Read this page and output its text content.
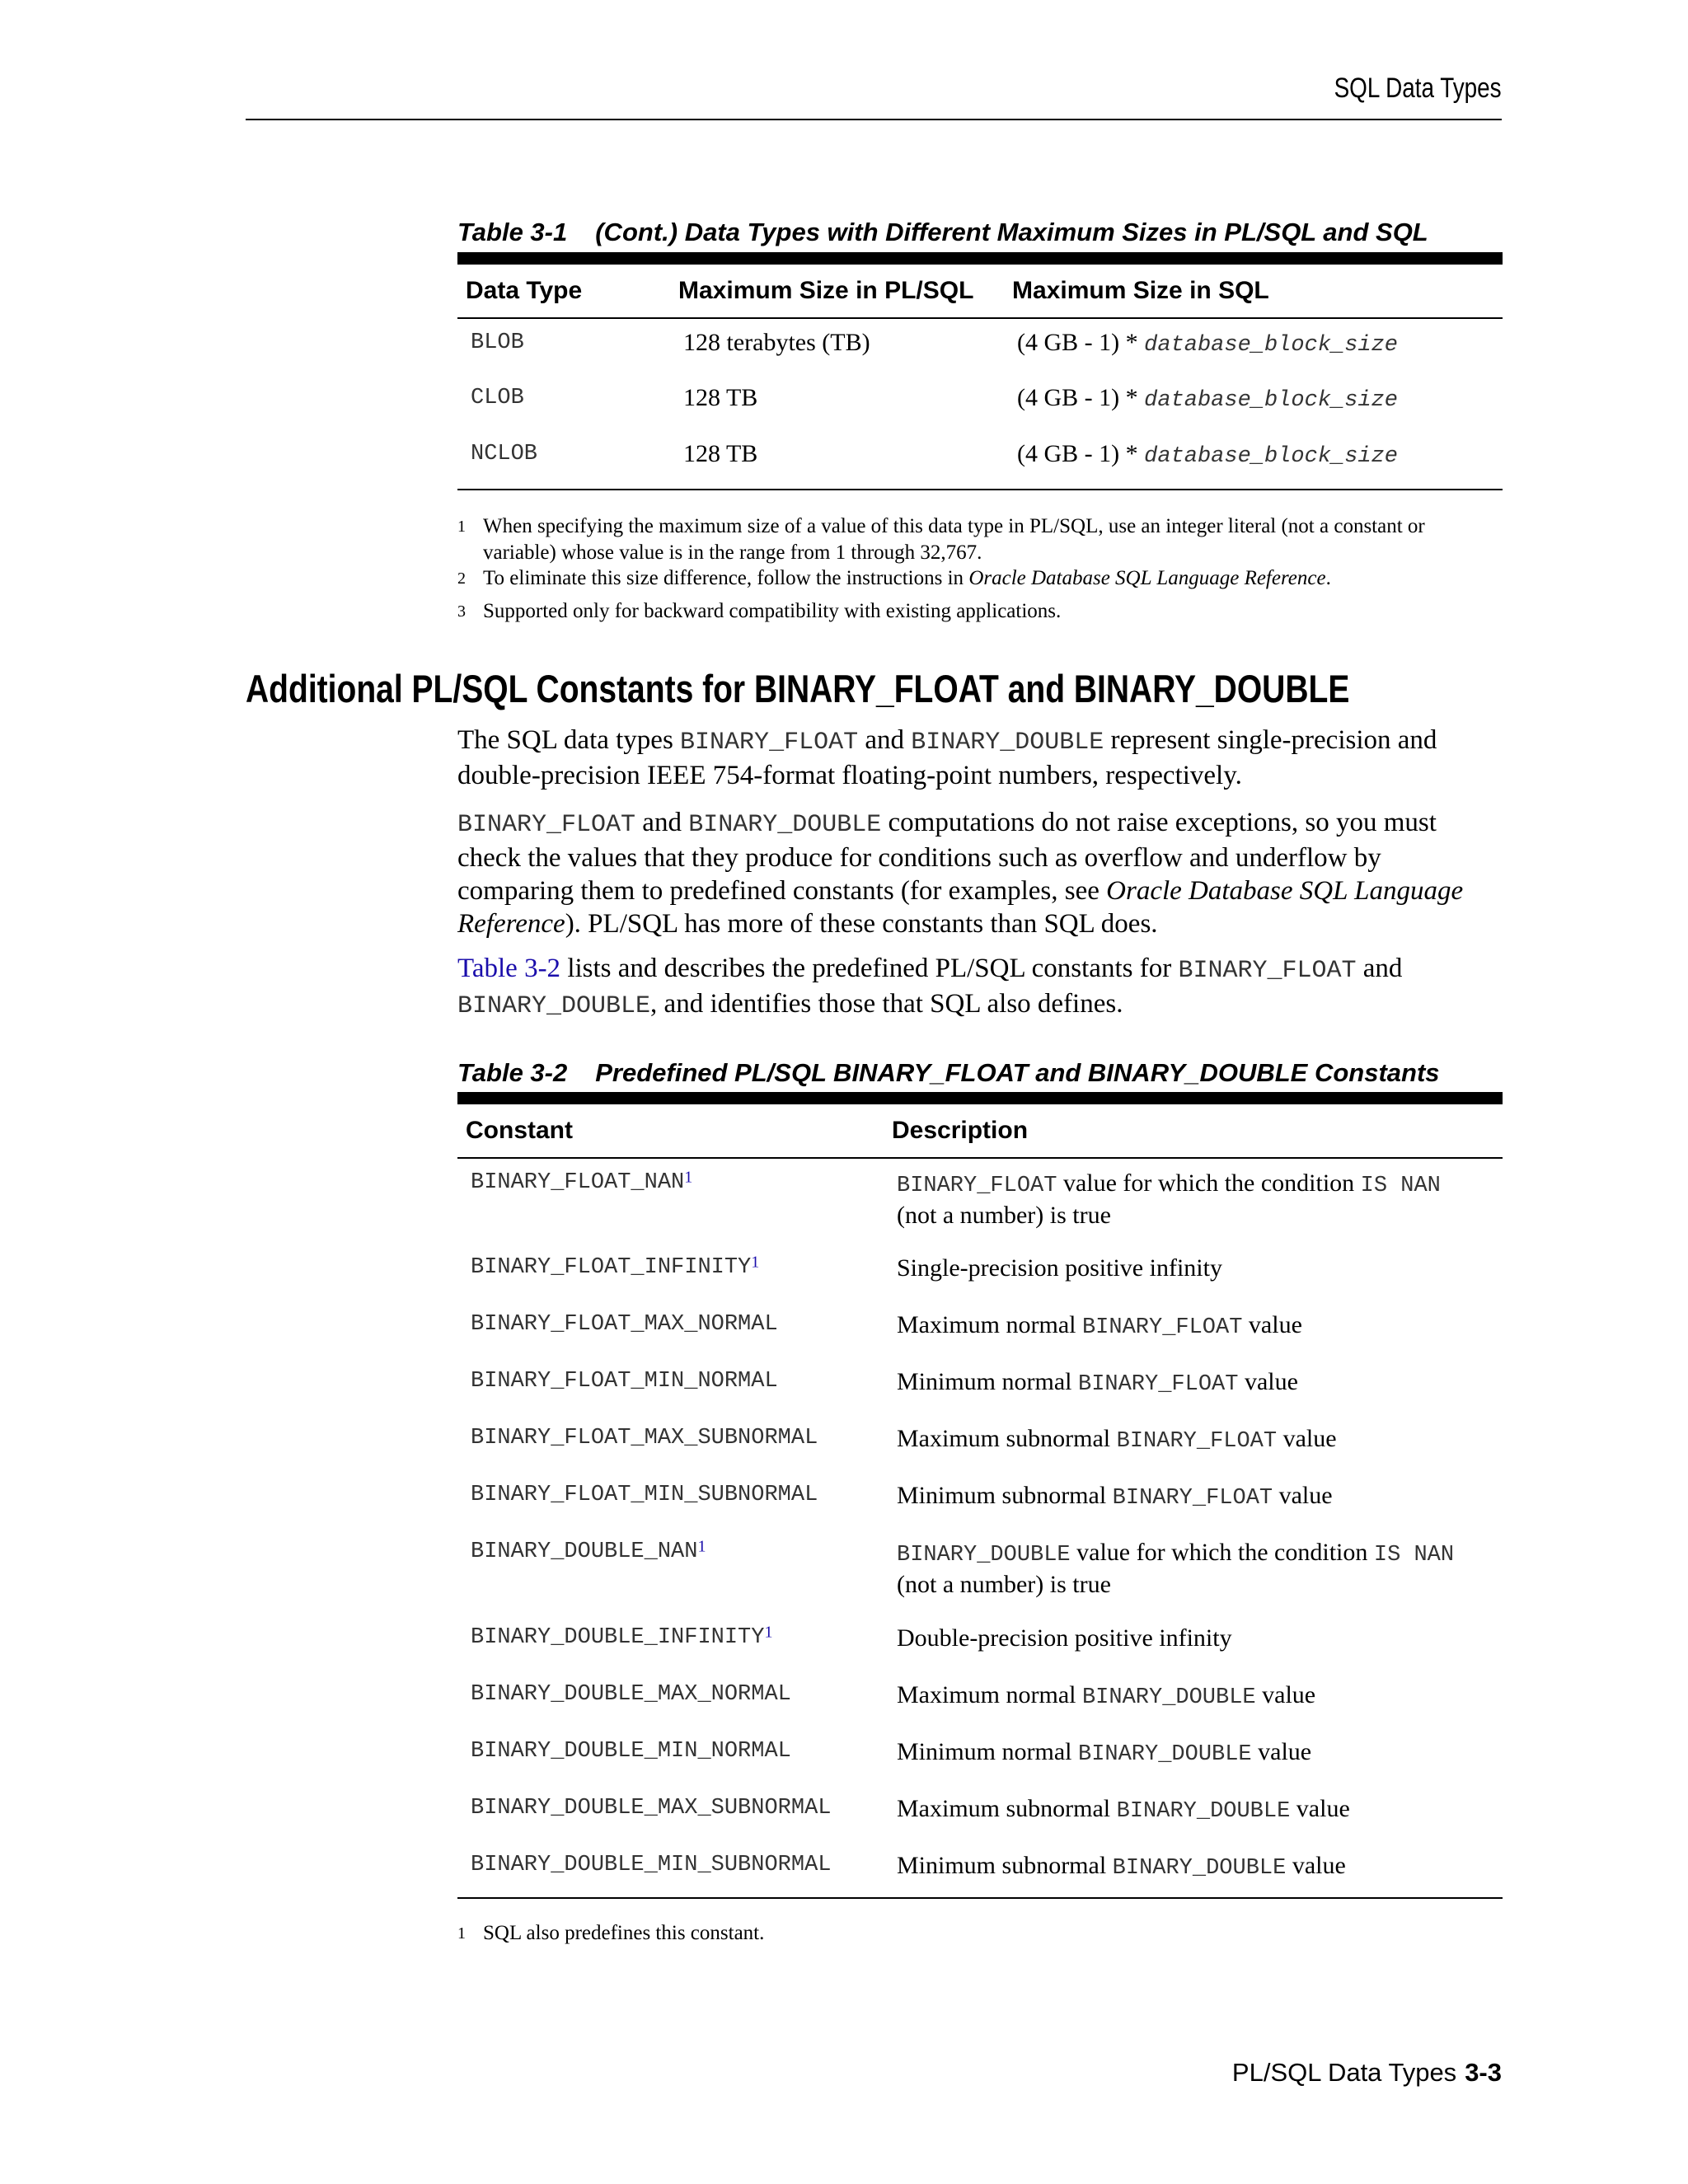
SQL Data Types
Table 3-1 (Cont.) Data Types with Different Maximum Sizes in PL/SQL and SQL
Data Type	Maximum Size in PL/SQL	Maximum Size in SQL
BLOB	128 terabytes (TB)	(4 GB - 1) * database_block_size
CLOB	128 TB	(4 GB - 1) * database_block_size
NCLOB	128 TB	(4 GB - 1) * database_block_size
1 When specifying the maximum size of a value of this data type in PL/SQL, use an integer literal (not a constant or variable) whose value is in the range from 1 through 32,767.
2 To eliminate this size difference, follow the instructions in Oracle Database SQL Language Reference.
3 Supported only for backward compatibility with existing applications.
Additional PL/SQL Constants for BINARY_FLOAT and BINARY_DOUBLE
The SQL data types BINARY_FLOAT and BINARY_DOUBLE represent single-precision and double-precision IEEE 754-format floating-point numbers, respectively.
BINARY_FLOAT and BINARY_DOUBLE computations do not raise exceptions, so you must check the values that they produce for conditions such as overflow and underflow by comparing them to predefined constants (for examples, see Oracle Database SQL Language Reference). PL/SQL has more of these constants than SQL does.
Table 3-2 lists and describes the predefined PL/SQL constants for BINARY_FLOAT and BINARY_DOUBLE, and identifies those that SQL also defines.
Table 3-2 Predefined PL/SQL BINARY_FLOAT and BINARY_DOUBLE Constants
Constant	Description
BINARY_FLOAT_NAN$^1$	BINARY_FLOAT value for which the condition IS NAN (not a number) is true
BINARY_FLOAT_INFINITY$^1$	Single-precision positive infinity
BINARY_FLOAT_MAX_NORMAL	Maximum normal BINARY_FLOAT value
BINARY_FLOAT_MIN_NORMAL	Minimum normal BINARY_FLOAT value
BINARY_FLOAT_MAX_SUBNORMAL	Maximum subnormal BINARY_FLOAT value
BINARY_FLOAT_MIN_SUBNORMAL	Minimum subnormal BINARY_FLOAT value
BINARY_DOUBLE_NAN$^1$	BINARY_DOUBLE value for which the condition IS NAN (not a number) is true
BINARY_DOUBLE_INFINITY$^1$	Double-precision positive infinity
BINARY_DOUBLE_MAX_NORMAL	Maximum normal BINARY_DOUBLE value
BINARY_DOUBLE_MIN_NORMAL	Minimum normal BINARY_DOUBLE value
BINARY_DOUBLE_MAX_SUBNORMAL	Maximum subnormal BINARY_DOUBLE value
BINARY_DOUBLE_MIN_SUBNORMAL	Minimum subnormal BINARY_DOUBLE value
1 SQL also predefines this constant.
PL/SQL Data Types 3-3
